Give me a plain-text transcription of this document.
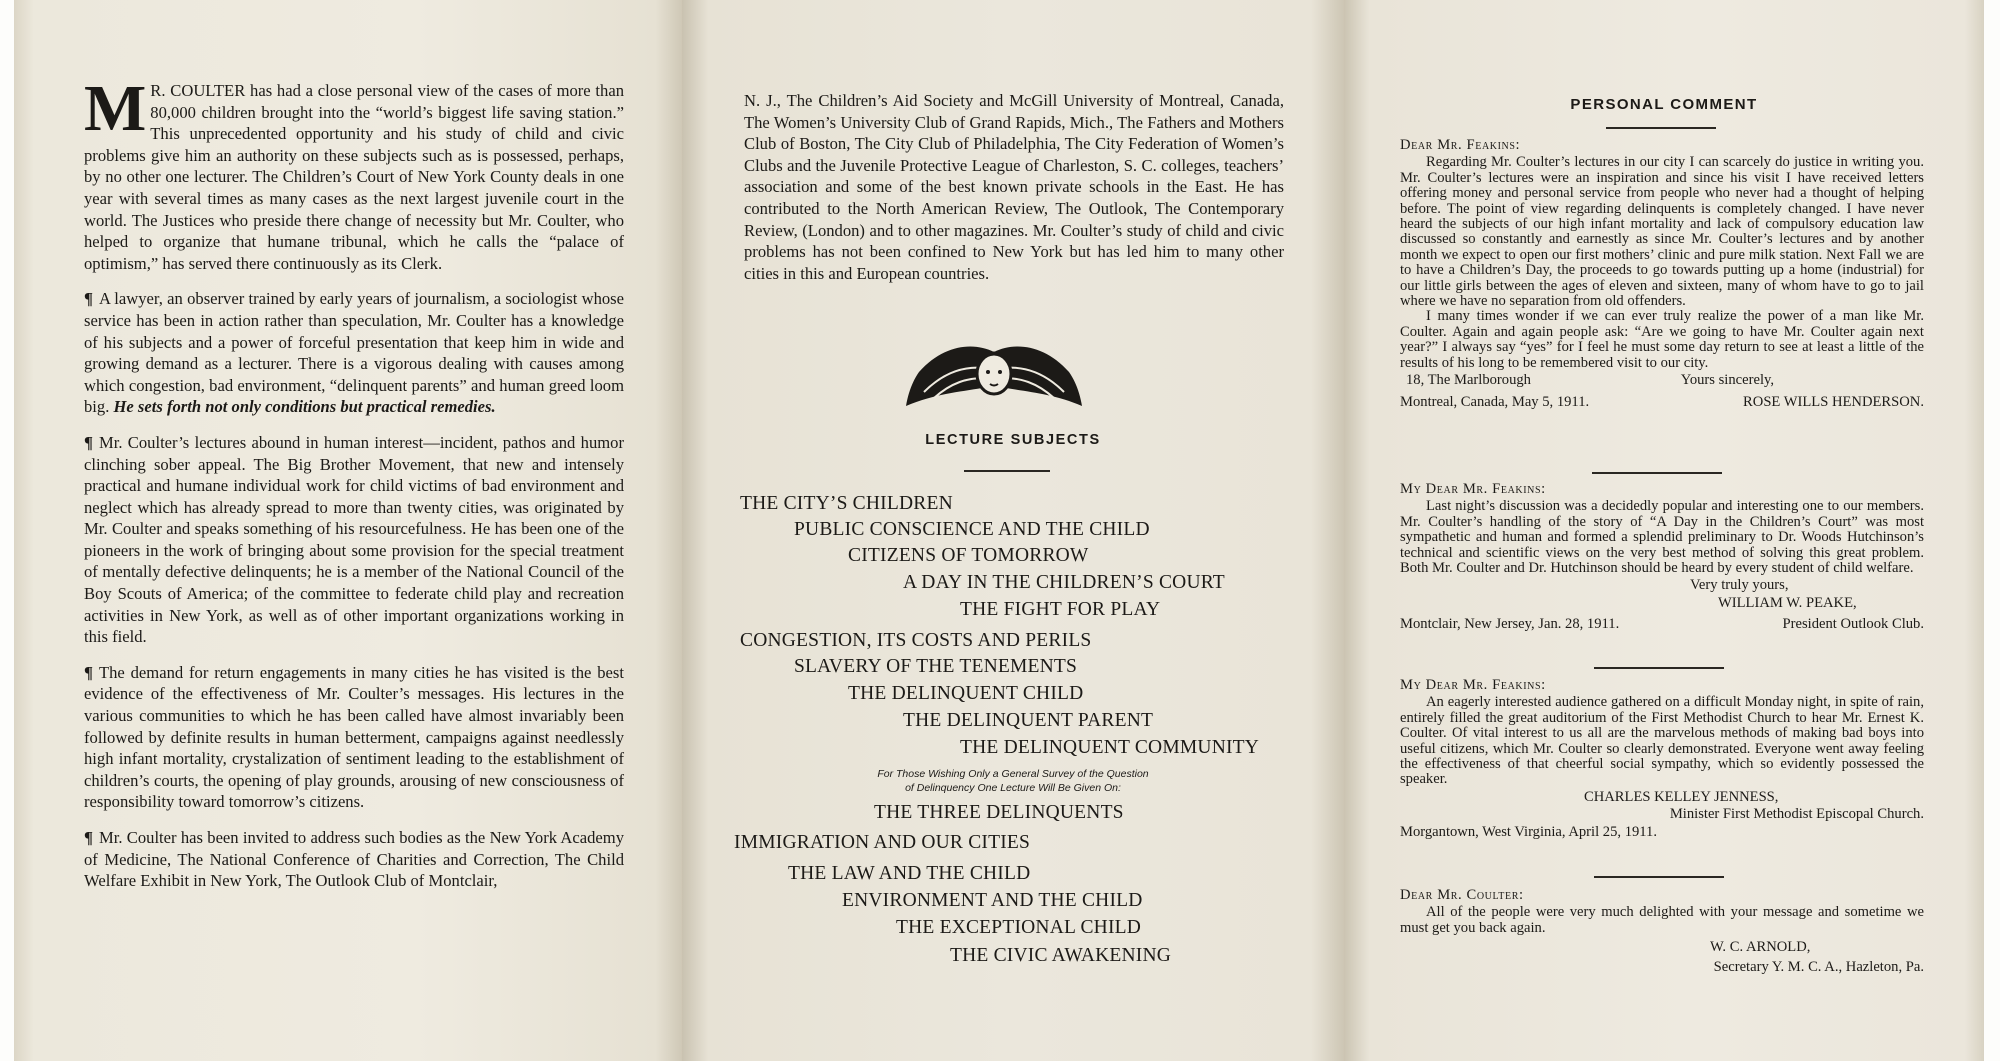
M R. COULTER has had a close personal view of the cases of more than 80,000 children brought into the “world’s biggest life saving station.” This unprecedented opportunity and his study of child and civic problems give him an authority on these subjects such as is possessed, perhaps, by no other one lecturer. The Children’s Court of New York County deals in one year with several times as many cases as the next largest juvenile court in the world. The Justices who preside there change of necessity but Mr. Coulter, who helped to organize that humane tribunal, which he calls the “palace of optimism,” has served there continuously as its Clerk.

¶ A lawyer, an observer trained by early years of journalism, a sociologist whose service has been in action rather than speculation, Mr. Coulter has a knowledge of his subjects and a power of forceful presentation that keep him in wide and growing demand as a lecturer. There is a vigorous dealing with causes among which congestion, bad environment, “delinquent parents” and human greed loom big. He sets forth not only conditions but practical remedies.

¶ Mr. Coulter’s lectures abound in human interest—incident, pathos and humor clinching sober appeal. The Big Brother Movement, that new and intensely practical and humane individual work for child victims of bad environment and neglect which has already spread to more than twenty cities, was originated by Mr. Coulter and speaks something of his resourcefulness. He has been one of the pioneers in the work of bringing about some provision for the special treatment of mentally defective delinquents; he is a member of the National Council of the Boy Scouts of America; of the committee to federate child play and recreation activities in New York, as well as of other important organizations working in this field.

¶ The demand for return engagements in many cities he has visited is the best evidence of the effectiveness of Mr. Coulter’s messages. His lectures in the various communities to which he has been called have almost invariably been followed by definite results in human betterment, campaigns against needlessly high infant mortality, crystalization of sentiment leading to the establishment of children’s courts, the opening of play grounds, arousing of new consciousness of responsibility toward tomorrow’s citizens.

¶ Mr. Coulter has been invited to address such bodies as the New York Academy of Medicine, The National Conference of Charities and Correction, The Child Welfare Exhibit in New York, The Outlook Club of Montclair,

N. J., The Children’s Aid Society and McGill University of Montreal, Canada, The Women’s University Club of Grand Rapids, Mich., The Fathers and Mothers Club of Boston, The City Club of Philadelphia, The City Federation of Women’s Clubs and the Juvenile Protective League of Charleston, S. C. colleges, teachers’ association and some of the best known private schools in the East. He has contributed to the North American Review, The Outlook, The Contemporary Review, (London) and to other magazines. Mr. Coulter’s study of child and civic problems has not been confined to New York but has led him to many other cities in this and European countries.
LECTURE SUBJECTS
THE CITY’S CHILDREN
PUBLIC CONSCIENCE AND THE CHILD
CITIZENS OF TOMORROW
A DAY IN THE CHILDREN’S COURT
THE FIGHT FOR PLAY
CONGESTION, ITS COSTS AND PERILS
SLAVERY OF THE TENEMENTS
THE DELINQUENT CHILD
THE DELINQUENT PARENT
THE DELINQUENT COMMUNITY
For Those Wishing Only a General Survey of the Question
of Delinquency One Lecture Will Be Given On:
THE THREE DELINQUENTS
IMMIGRATION AND OUR CITIES
THE LAW AND THE CHILD
ENVIRONMENT AND THE CHILD
THE EXCEPTIONAL CHILD
THE CIVIC AWAKENING
PERSONAL COMMENT
Dear Mr. Feakins:
Regarding Mr. Coulter’s lectures in our city I can scarcely do justice in writing you. Mr. Coulter’s lectures were an inspiration and since his visit I have received letters offering money and personal service from people who never had a thought of helping before. The point of view regarding delinquents is completely changed. I have never heard the subjects of our high infant mortality and lack of compulsory education law discussed so constantly and earnestly as since Mr. Coulter’s lectures and by another month we expect to open our first mothers’ clinic and pure milk station. Next Fall we are to have a Children’s Day, the proceeds to go towards putting up a home (industrial) for our little girls between the ages of eleven and sixteen, many of whom have to go to jail where we have no separation from old offenders.
I many times wonder if we can ever truly realize the power of a man like Mr. Coulter. Again and again people ask: “Are we going to have Mr. Coulter again next year?” I always say “yes” for I feel he must some day return to see at least a little of the results of his long to be remembered visit to our city.
18, The Marlborough	Yours sincerely,
Montreal, Canada, May 5, 1911.	ROSE WILLS HENDERSON.
My Dear Mr. Feakins:
Last night’s discussion was a decidedly popular and interesting one to our members. Mr. Coulter’s handling of the story of “A Day in the Children’s Court” was most sympathetic and human and formed a splendid preliminary to Dr. Woods Hutchinson’s technical and scientific views on the very best method of solving this great problem. Both Mr. Coulter and Dr. Hutchinson should be heard by every student of child welfare.
Very truly yours,
WILLIAM W. PEAKE,
Montclair, New Jersey, Jan. 28, 1911.	President Outlook Club.
My Dear Mr. Feakins:
An eagerly interested audience gathered on a difficult Monday night, in spite of rain, entirely filled the great auditorium of the First Methodist Church to hear Mr. Ernest K. Coulter. Of vital interest to us all are the marvelous methods of making bad boys into useful citizens, which Mr. Coulter so clearly demonstrated. Everyone went away feeling the effectiveness of that cheerful social sympathy, which so evidently possessed the speaker.
CHARLES KELLEY JENNESS,
Minister First Methodist Episcopal Church.
Morgantown, West Virginia, April 25, 1911.
Dear Mr. Coulter:
All of the people were very much delighted with your message and sometime we must get you back again.
W. C. ARNOLD,
Secretary Y. M. C. A., Hazleton, Pa.
